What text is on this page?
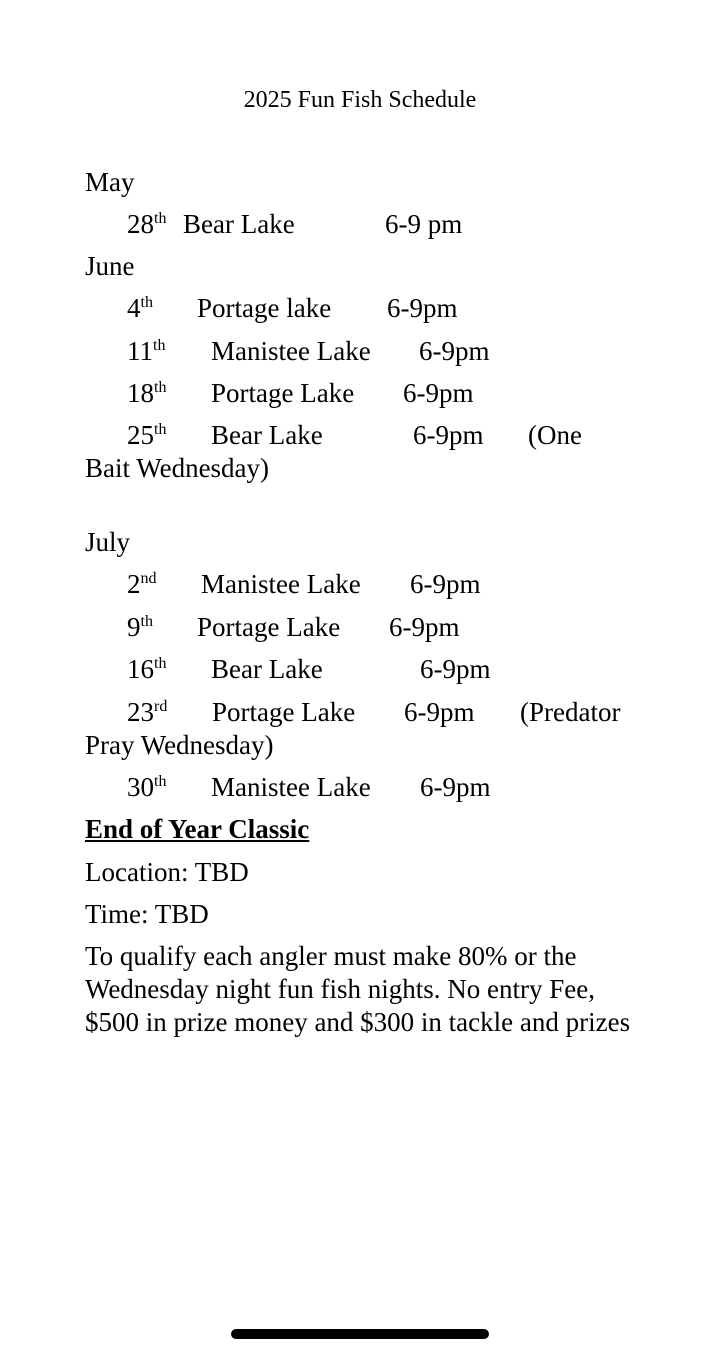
2025 Fun Fish Schedule
May
28th Bear Lake	6-9 pm
June
4th Portage lake 6-9pm
11th Manistee Lake 6-9pm
18th Portage Lake 6-9pm
25th Bear Lake	6-9pm (One
Bait Wednesday)
July
2nd Manistee Lake 6-9pm
9th Portage Lake 6-9pm
16th Bear Lake	6-9pm
23rd Portage Lake 6-9pm (Predator
Pray Wednesday)
30th Manistee Lake 6-9pm
End of Year Classic
Location: TBD
Time: TBD
To qualify each angler must make 80% or the Wednesday night fun fish nights. No entry Fee, $500 in prize money and $300 in tackle and prizes
